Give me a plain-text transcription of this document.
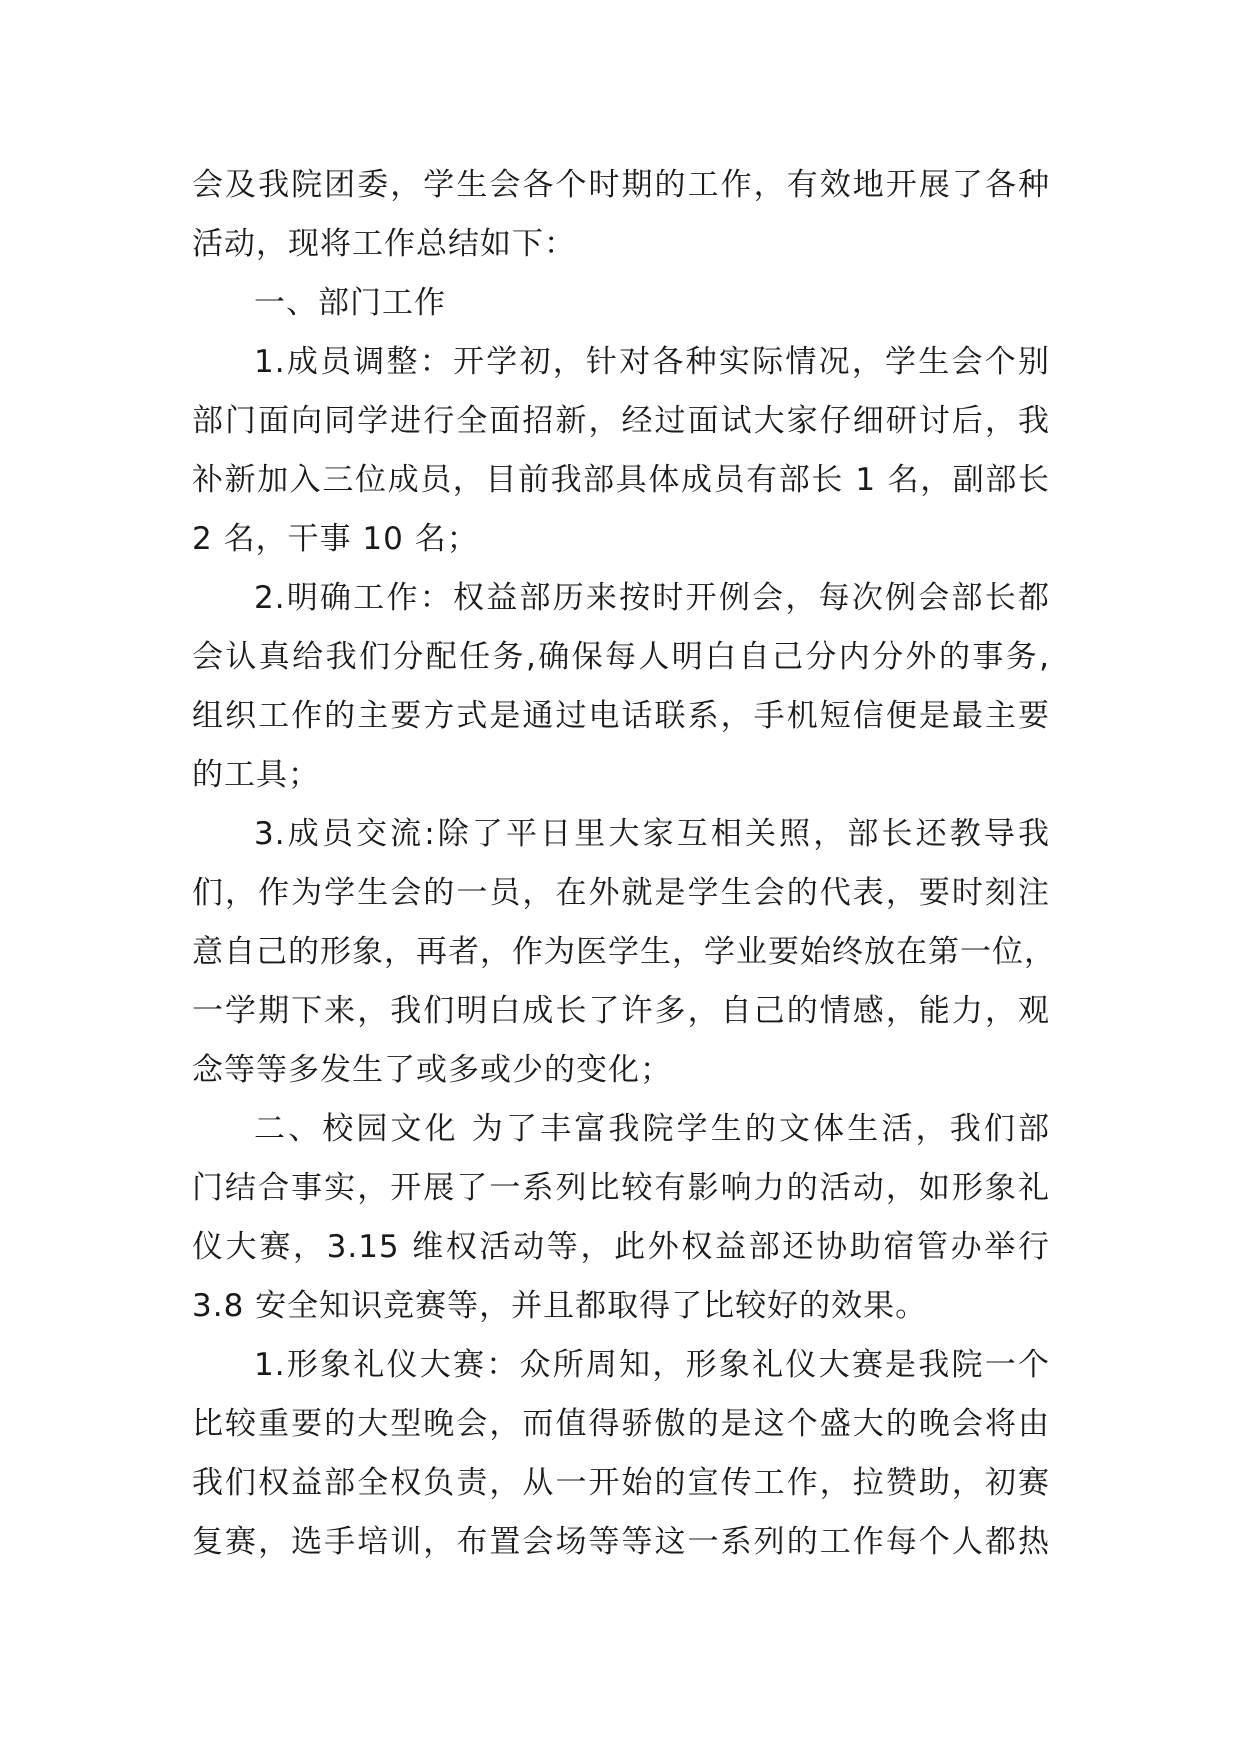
会及我院团委，学生会各个时期的工作，有效地开展了各种
活动，现将工作总结如下：
一、部门工作
1.成员调整：开学初，针对各种实际情况，学生会个别
部门面向同学进行全面招新，经过面试大家仔细研讨后，我
补新加入三位成员，目前我部具体成员有部长 1 名，副部长
2 名，干事 10 名；
2.明确工作：权益部历来按时开例会，每次例会部长都
会认真给我们分配任务,确保每人明白自己分内分外的事务,
组织工作的主要方式是通过电话联系，手机短信便是最主要
的工具；
3.成员交流:除了平日里大家互相关照，部长还教导我
们，作为学生会的一员，在外就是学生会的代表，要时刻注
意自己的形象，再者，作为医学生，学业要始终放在第一位，
一学期下来，我们明白成长了许多，自己的情感，能力，观
念等等多发生了或多或少的变化；
二、校园文化 为了丰富我院学生的文体生活，我们部
门结合事实，开展了一系列比较有影响力的活动，如形象礼
仪大赛，3.15 维权活动等，此外权益部还协助宿管办举行
3.8 安全知识竞赛等，并且都取得了比较好的效果。
1.形象礼仪大赛：众所周知，形象礼仪大赛是我院一个
比较重要的大型晚会，而值得骄傲的是这个盛大的晚会将由
我们权益部全权负责，从一开始的宣传工作，拉赞助，初赛
复赛，选手培训，布置会场等等这一系列的工作每个人都热
